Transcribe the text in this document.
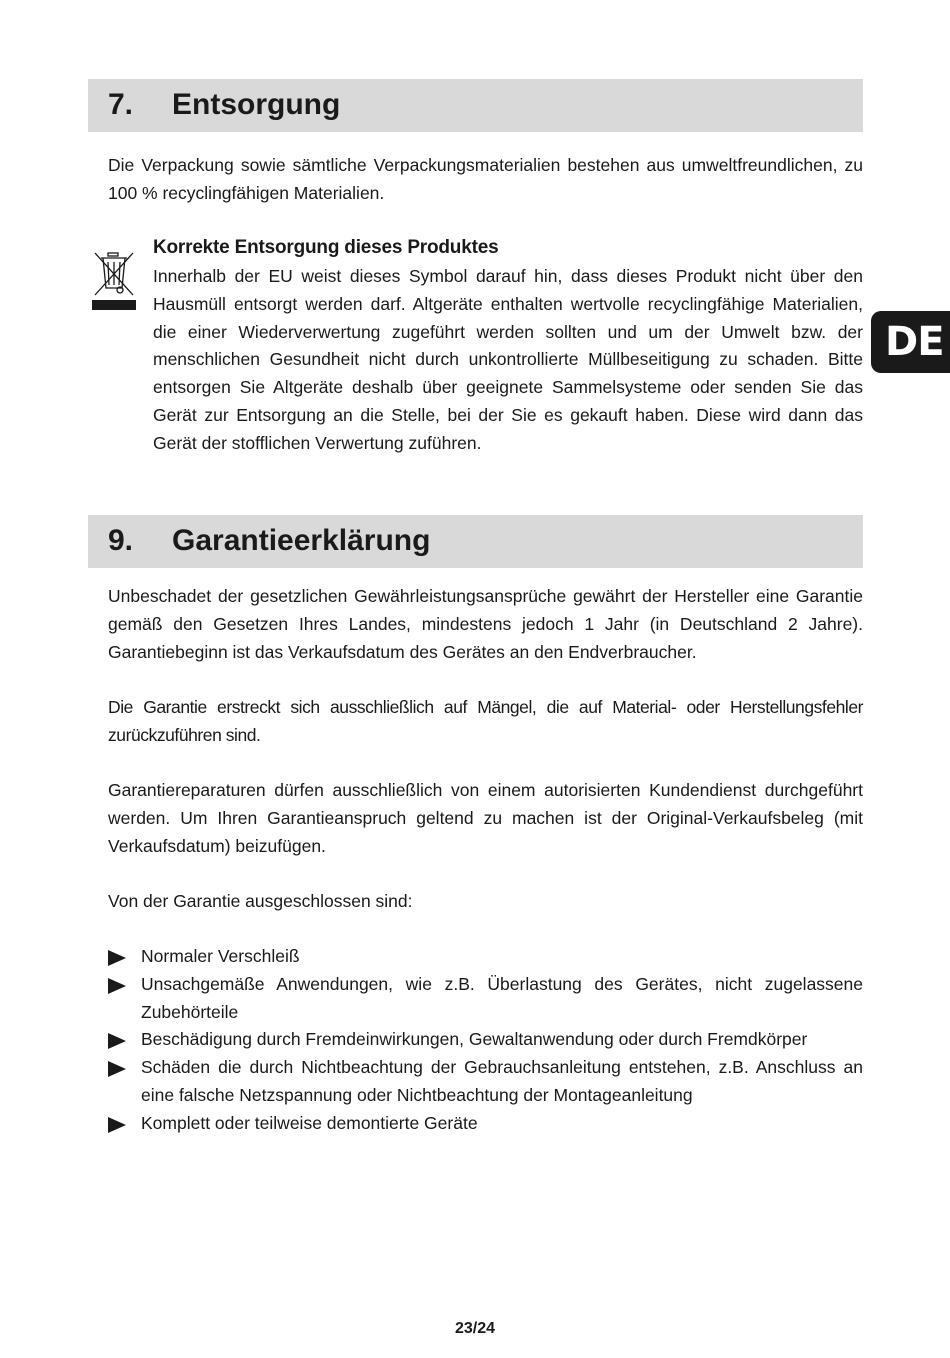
7. Entsorgung

Die Verpackung sowie sämtliche Verpackungsmaterialien bestehen aus umweltfreundlichen, zu 100 % recyclingfähigen Materialien.

Korrekte Entsorgung dieses Produktes

Innerhalb der EU weist dieses Symbol darauf hin, dass dieses Produkt nicht über den Hausmüll entsorgt werden darf. Altgeräte enthalten wertvolle recyclingfähige Materialien, die einer Wiederverwertung zugeführt werden sollten und um der Umwelt bzw. der menschlichen Gesundheit nicht durch unkontrollierte Müllbeseitigung zu schaden. Bitte entsorgen Sie Altgeräte deshalb über geeignete Sammelsysteme oder senden Sie das Gerät zur Entsorgung an die Stelle, bei der Sie es gekauft haben. Diese wird dann das Gerät der stofflichen Verwertung zuführen.

DE
9. Garantieerklärung

Unbeschadet der gesetzlichen Gewährleistungsansprüche gewährt der Hersteller eine Garantie gemäß den Gesetzen Ihres Landes, mindestens jedoch 1 Jahr (in Deutschland 2 Jahre). Garantiebeginn ist das Verkaufsdatum des Gerätes an den Endverbraucher.

Die Garantie erstreckt sich ausschließlich auf Mängel, die auf Material- oder Herstellungsfehler zurückzuführen sind.

Garantiereparaturen dürfen ausschließlich von einem autorisierten Kundendienst durchgeführt werden. Um Ihren Garantieanspruch geltend zu machen ist der Original-Verkaufsbeleg (mit Verkaufsdatum) beizufügen.

Von der Garantie ausgeschlossen sind:

Normaler Verschleiß
Unsachgemäße Anwendungen, wie z.B. Überlastung des Gerätes, nicht zugelassene Zubehörteile
Beschädigung durch Fremdeinwirkungen, Gewaltanwendung oder durch Fremdkörper
Schäden die durch Nichtbeachtung der Gebrauchsanleitung entstehen, z.B. Anschluss an eine falsche Netzspannung oder Nichtbeachtung der Montageanleitung
Komplett oder teilweise demontierte Geräte
23/24
